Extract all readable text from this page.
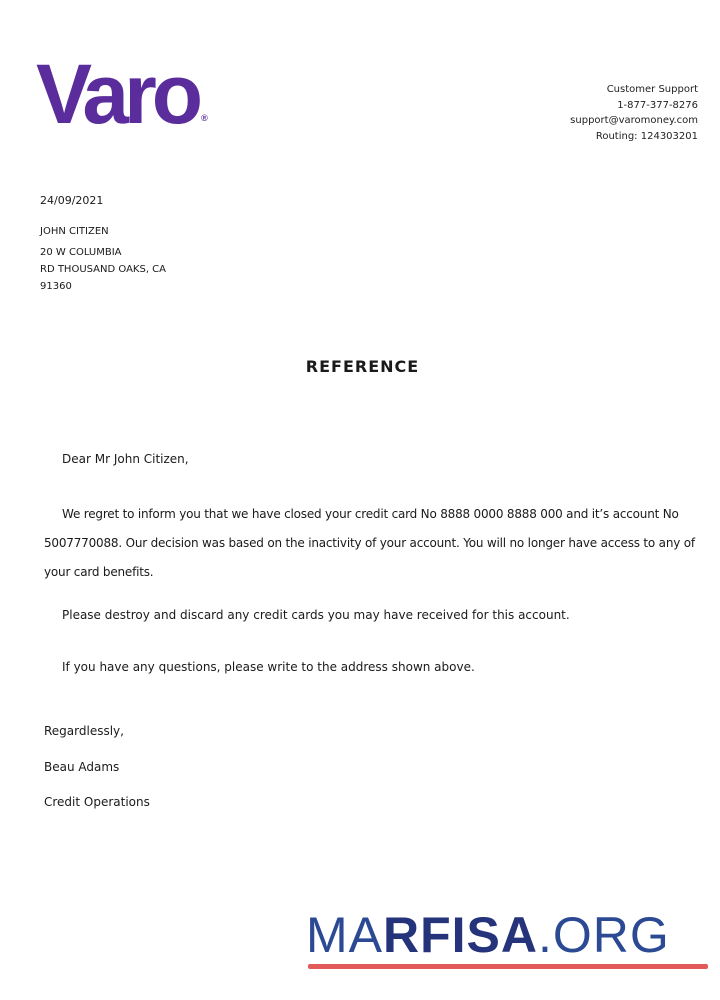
Varo ®
Customer Support
1-877-377-8276
support@varomoney.com
Routing: 124303201
24/09/2021
JOHN CITIZEN
20 W COLUMBIA
RD THOUSAND OAKS, CA
91360
REFERENCE
Dear Mr John Citizen,
We regret to inform you that we have closed your credit card No 8888 0000 8888 000 and it’s account No 5007770088. Our decision was based on the inactivity of your account. You will no longer have access to any of your card benefits.
Please destroy and discard any credit cards you may have received for this account.
If you have any questions, please write to the address shown above.
Regardlessly,
Beau Adams
Credit Operations
MARFISA.ORG
